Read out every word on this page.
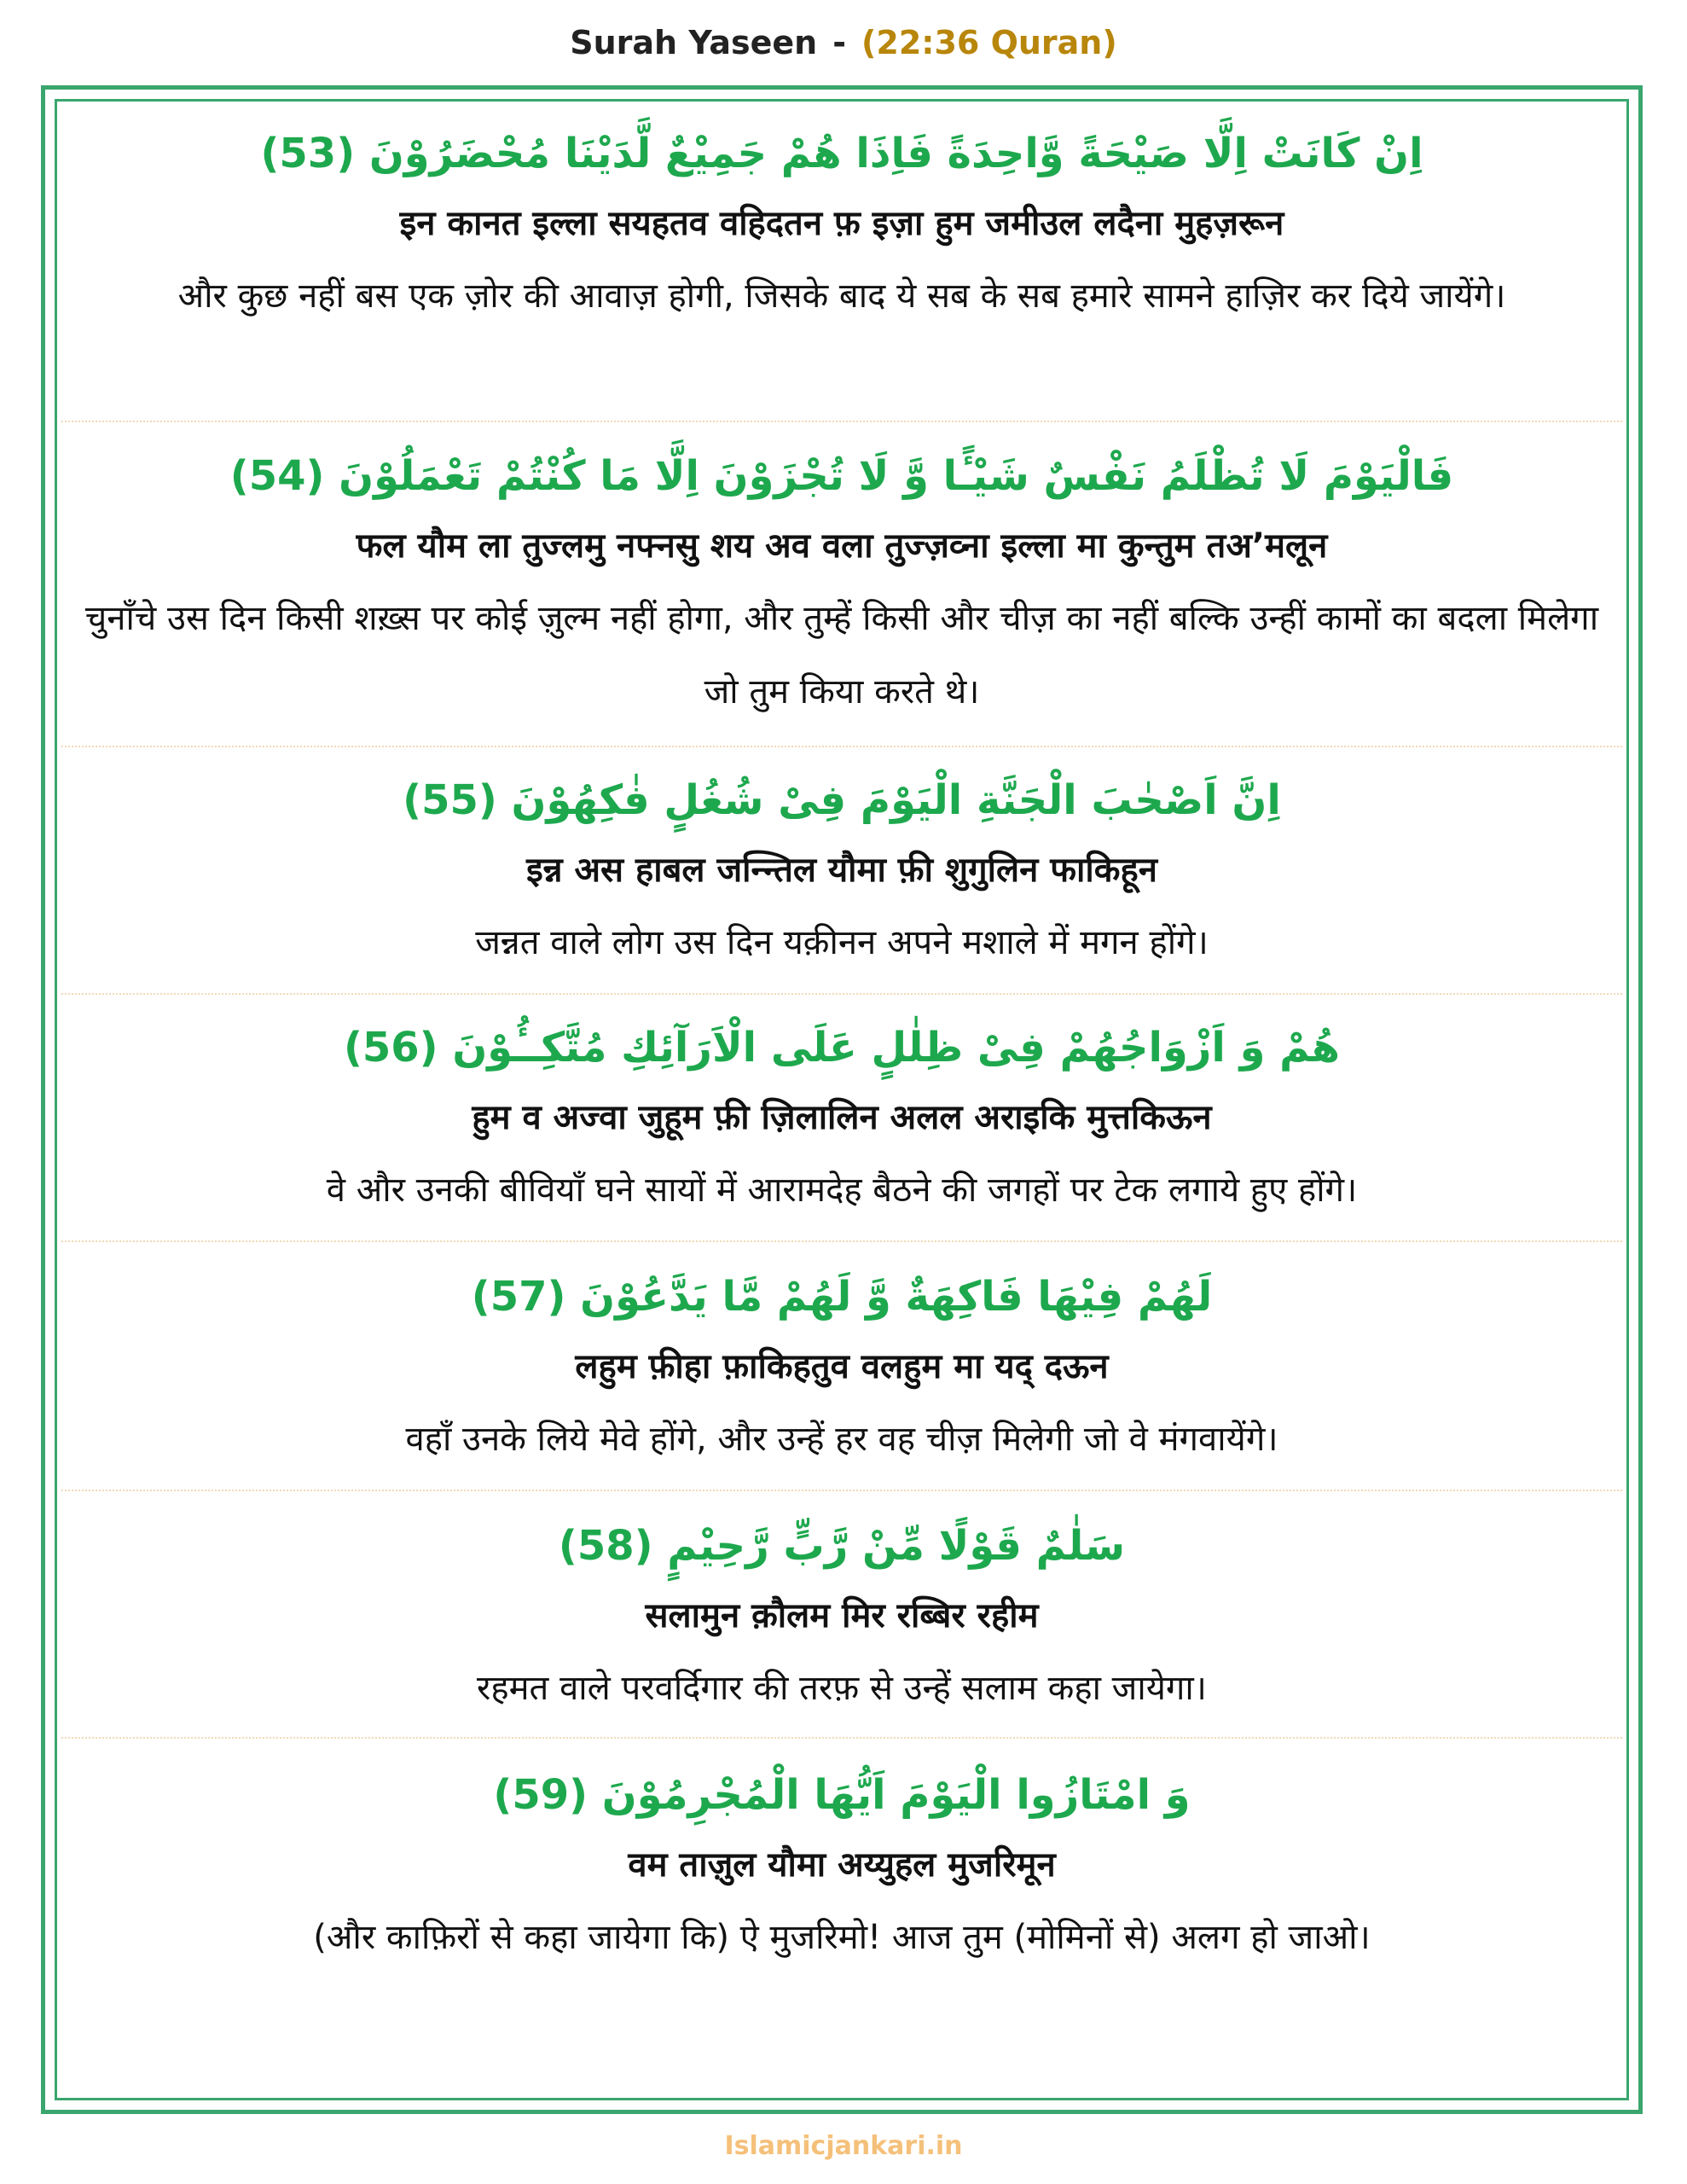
Surah Yaseen - (22:36 Quran)
اِنْ كَانَتْ اِلَّا صَيْحَةً وَّاحِدَةً فَاِذَا هُمْ جَمِيْعٌ لَّدَيْنَا مُحْضَرُوْنَ (53)
इन कानत इल्ला सयहतव वहिदतन फ़ इज़ा हुम जमीउल लदैना मुहज़रून
और कुछ नहीं बस एक ज़ोर की आवाज़ होगी, जिसके बाद ये सब के सब हमारे सामने हाज़िर कर दिये जायेंगे।
فَالْيَوْمَ لَا تُظْلَمُ نَفْسٌ شَيْـًٔا وَّ لَا تُجْزَوْنَ اِلَّا مَا كُنْتُمْ تَعْمَلُوْنَ (54)
फल यौम ला तुज्लमु नफ्नसु शय अव वला तुज्ज़व्ना इल्ला मा कुन्तुम तअ’मलून
चुनाँचे उस दिन किसी शख़्स पर कोई ज़ुल्म नहीं होगा, और तुम्हें किसी और चीज़ का नहीं बल्कि उन्हीं कामों का बदला मिलेगा जो तुम किया करते थे।
اِنَّ اَصْحٰبَ الْجَنَّةِ الْيَوْمَ فِىْ شُغُلٍ فٰكِهُوْنَ (55)
इन्न अस हाबल जन्न्तिल यौमा फ़ी शुगुलिन फाकिहून
जन्नत वाले लोग उस दिन यक़ीनन अपने मशाले में मगन होंगे।
هُمْ وَ اَزْوَاجُهُمْ فِىْ ظِلٰلٍ عَلَى الْاَرَآئِكِ مُتَّكِــُٔوْنَ (56)
हुम व अज्वा जुहूम फ़ी ज़िलालिन अलल अराइकि मुत्तकिऊन
वे और उनकी बीवियाँ घने सायों में आरामदेह बैठने की जगहों पर टेक लगाये हुए होंगे।
لَهُمْ فِيْهَا فَاكِهَةٌ وَّ لَهُمْ مَّا يَدَّعُوْنَ (57)
लहुम फ़ीहा फ़ाकिहतुव वलहुम मा यद् दऊन
वहाँ उनके लिये मेवे होंगे, और उन्हें हर वह चीज़ मिलेगी जो वे मंगवायेंगे।
سَلٰمٌ قَوْلًا مِّنْ رَّبٍّ رَّحِيْمٍ (58)
सलामुन क़ौलम मिर रब्बिर रहीम
रहमत वाले परवर्दिगार की तरफ़ से उन्हें सलाम कहा जायेगा।
وَ امْتَازُوا الْيَوْمَ اَيُّهَا الْمُجْرِمُوْنَ (59)
वम ताज़ुल यौमा अय्युहल मुजरिमून
(और काफ़िरों से कहा जायेगा कि) ऐ मुजरिमो! आज तुम (मोमिनों से) अलग हो जाओ।
Islamicjankari.in
